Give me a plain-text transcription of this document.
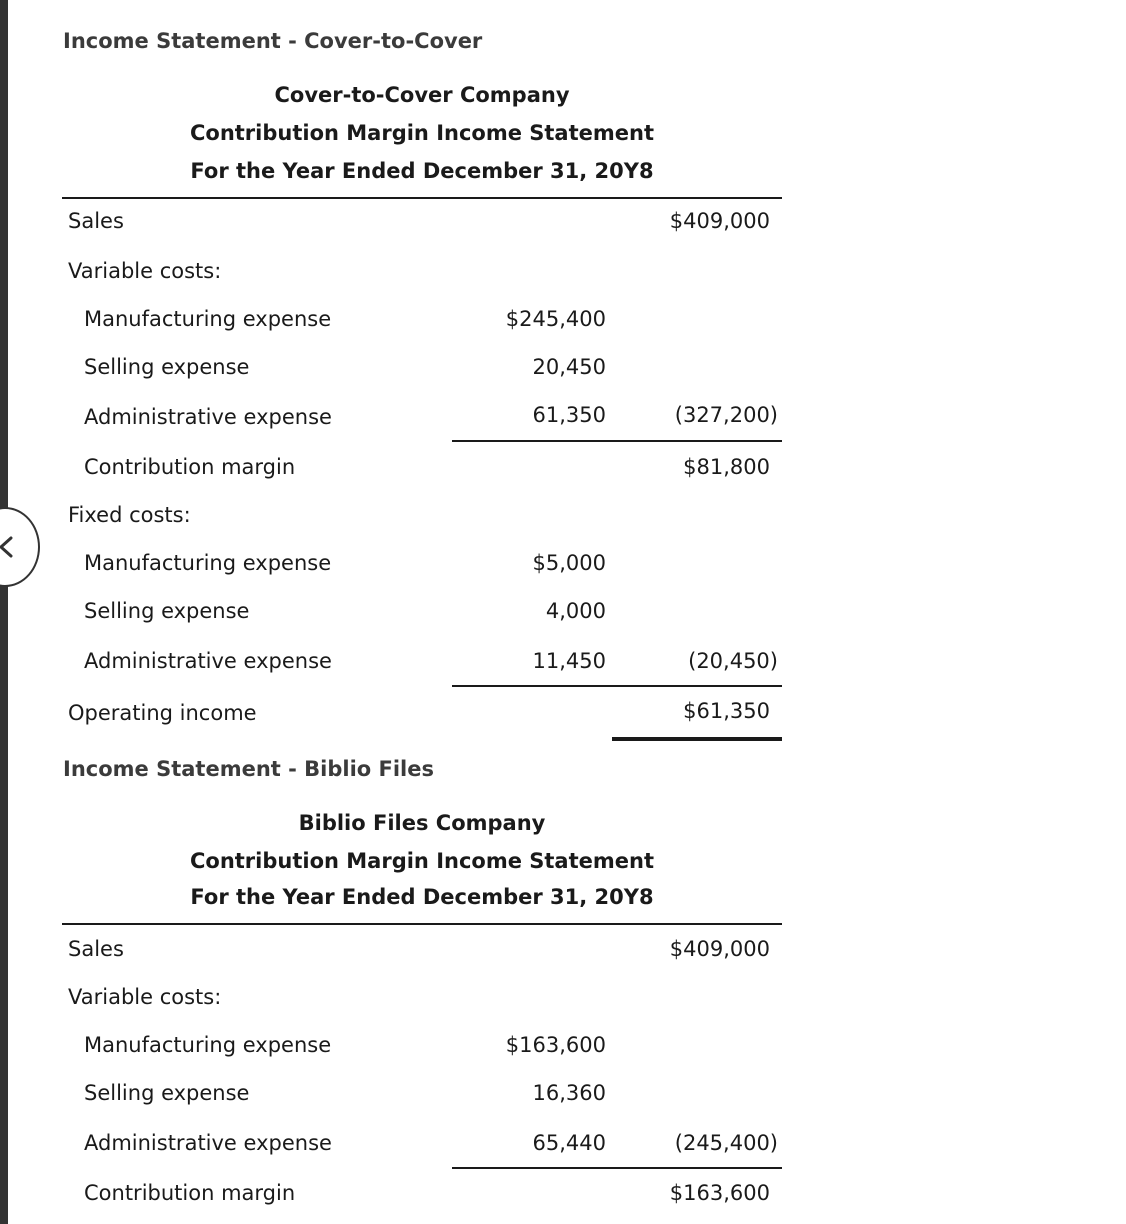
Income Statement - Cover-to-Cover
Cover-to-Cover Company
Contribution Margin Income Statement
For the Year Ended December 31, 20Y8
Sales	$409,000
Variable costs:
Manufacturing expense	$245,400
Selling expense	20,450
Administrative expense	61,350	(327,200)
Contribution margin	$81,800
Fixed costs:
Manufacturing expense	$5,000
Selling expense	4,000
Administrative expense	11,450	(20,450)
Operating income	$61,350
Income Statement - Biblio Files
Biblio Files Company
Contribution Margin Income Statement
For the Year Ended December 31, 20Y8
Sales	$409,000
Variable costs:
Manufacturing expense	$163,600
Selling expense	16,360
Administrative expense	65,440	(245,400)
Contribution margin	$163,600
